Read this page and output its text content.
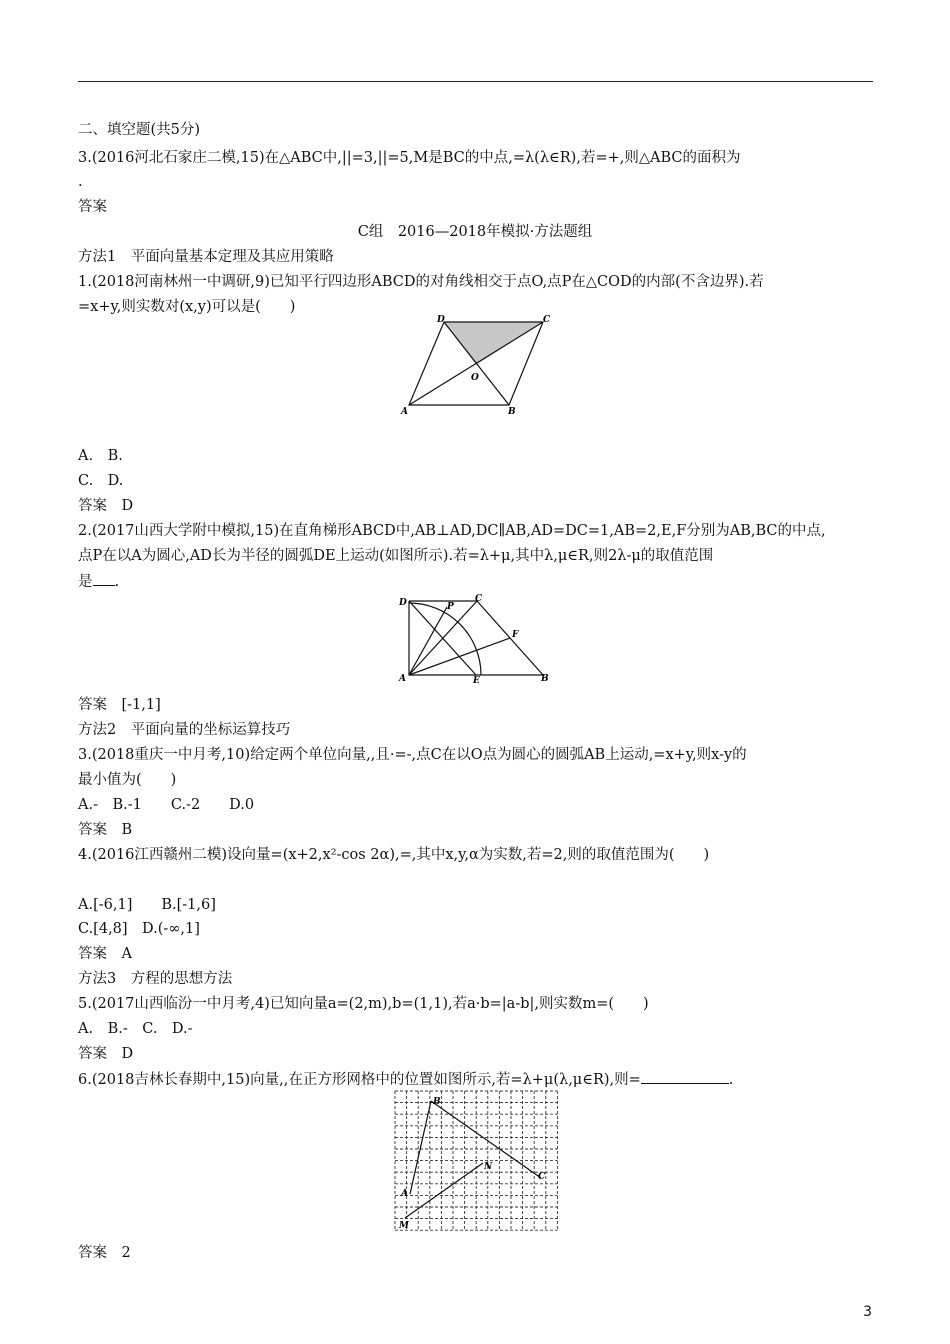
二、填空题(共5分)
3.(2016河北石家庄二模,15)在△ABC中,||=3,||=5,M是BC的中点,=λ(λ∈R),若=+,则△ABC的面积为
.
答案
C组　2016—2018年模拟·方法题组
方法1　平面向量基本定理及其应用策略
1.(2018河南林州一中调研,9)已知平行四边形ABCD的对角线相交于点O,点P在△COD的内部(不含边界).若
=x+y,则实数对(x,y)可以是(　　)
D	C
O
A	B
A.　B.
C.　D.
答案　D
2.(2017山西大学附中模拟,15)在直角梯形ABCD中,AB⊥AD,DC∥AB,AD=DC=1,AB=2,E,F分别为AB,BC的中点,
点P在以A为圆心,AD长为半径的圆弧DE上运动(如图所示).若=λ+μ,其中λ,μ∈R,则2λ-μ的取值范围
是 .
D	C
P
F
A	E	B
答案　[-1,1]
方法2　平面向量的坐标运算技巧
3.(2018重庆一中月考,10)给定两个单位向量,,且·=-,点C在以O点为圆心的圆弧AB上运动,=x+y,则x-y的
最小值为(　　)
A.-　B.-1　　C.-2　　D.0
答案　B
4.(2016江西赣州二模)设向量=(x+2,x²-cos 2α),=,其中x,y,α为实数,若=2,则的取值范围为(　　)
A.[-6,1]　　B.[-1,6]
C.[4,8]　D.(-∞,1]
答案　A
方法3　方程的思想方法
5.(2017山西临汾一中月考,4)已知向量a=(2,m),b=(1,1),若a·b=|a-b|,则实数m=(　　)
A.　B.-　C.　D.-
答案　D
6.(2018吉林长春期中,15)向量,,在正方形网格中的位置如图所示,若=λ+μ(λ,μ∈R),则=	.
B
N
C
A
M
答案　2
3
